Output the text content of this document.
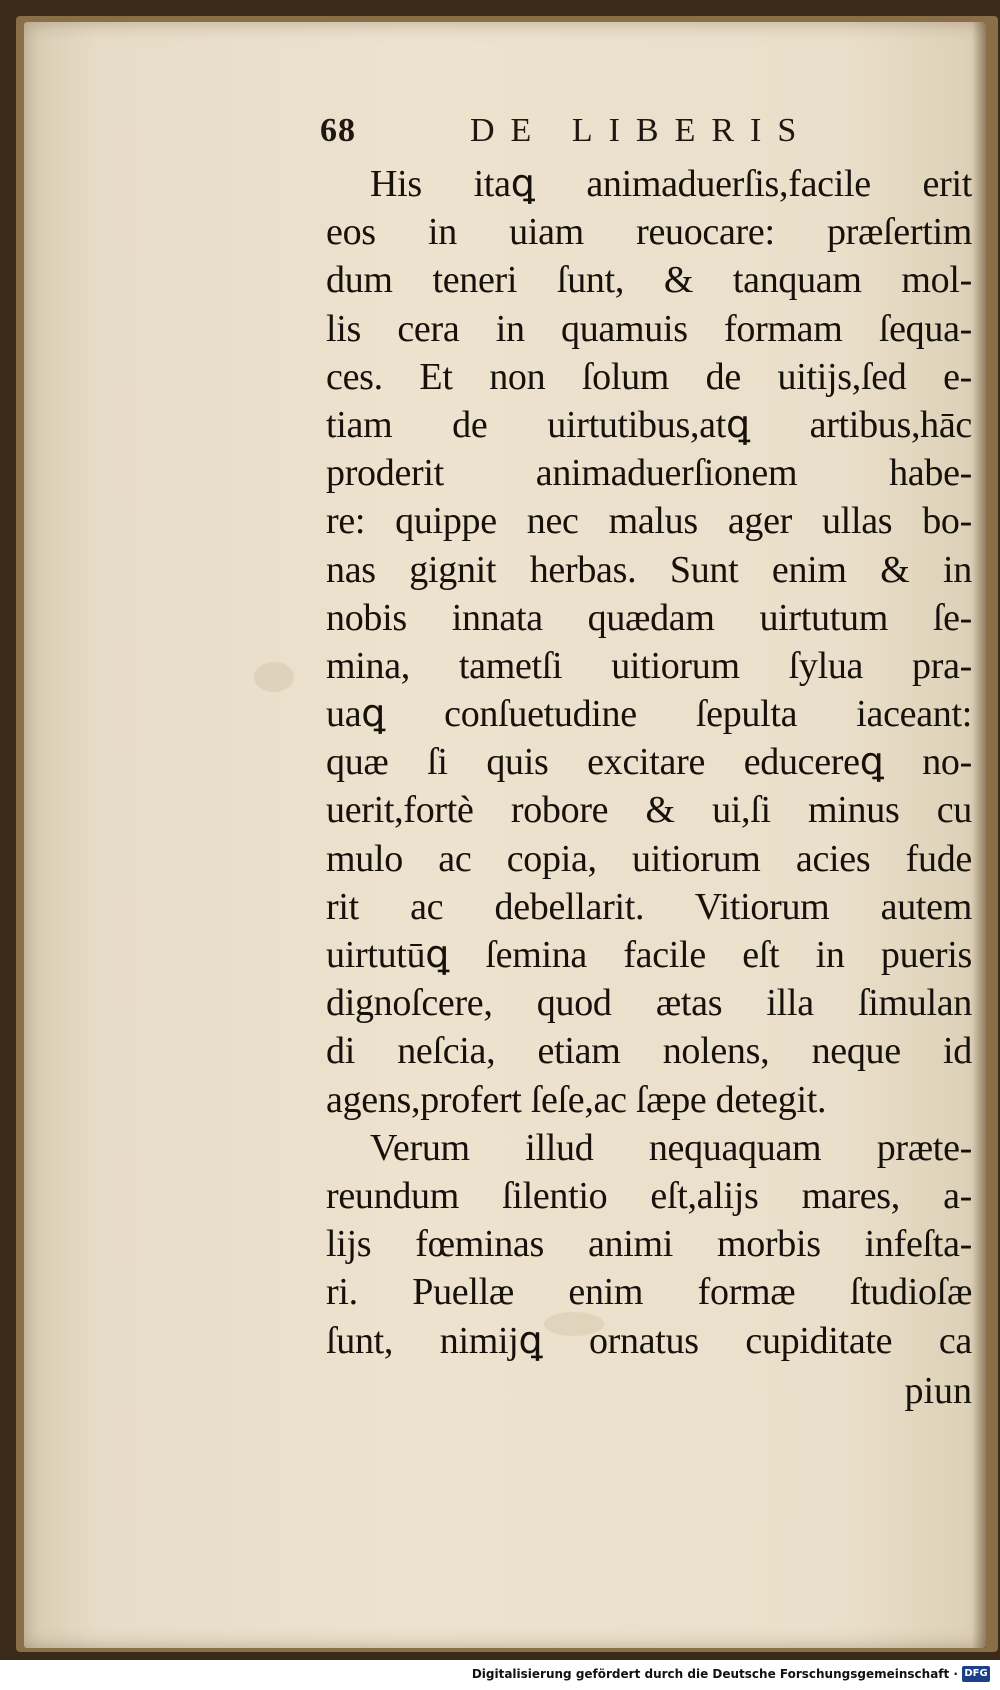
68	DE LIBERIS
His itaꝗ animaduerſis,facile erit
eos in uiam reuocare: præſertim
dum teneri ſunt, & tanquam mol-
lis cera in quamuis formam ſequa-
ces. Et non ſolum de uitijs,ſed e-
tiam de uirtutibus,atꝗ artibus,hāc
proderit animaduerſionem habe-
re: quippe nec malus ager ullas bo-
nas gignit herbas. Sunt enim & in
nobis innata quædam uirtutum ſe-
mina, tametſi uitiorum ſylua pra-
uaꝗ conſuetudine ſepulta iaceant:
quæ ſi quis excitare educereꝗ no-
uerit,fortè robore & ui,ſi minus cu
mulo ac copia, uitiorum acies fude
rit ac debellarit. Vitiorum autem
uirtutūꝗ ſemina facile eſt in pueris
dignoſcere, quod ætas illa ſimulan
di neſcia, etiam nolens, neque id
agens,profert ſeſe,ac ſæpe detegit.
Verum illud nequaquam præte-
reundum ſilentio eſt,alijs mares, a-
lijs fœminas animi morbis infeſta-
ri. Puellæ enim formæ ſtudioſæ
ſunt, nimijꝗ ornatus cupiditate ca
piun
Digitalisierung gefördert durch die Deutsche Forschungsgemeinschaft · DFG
